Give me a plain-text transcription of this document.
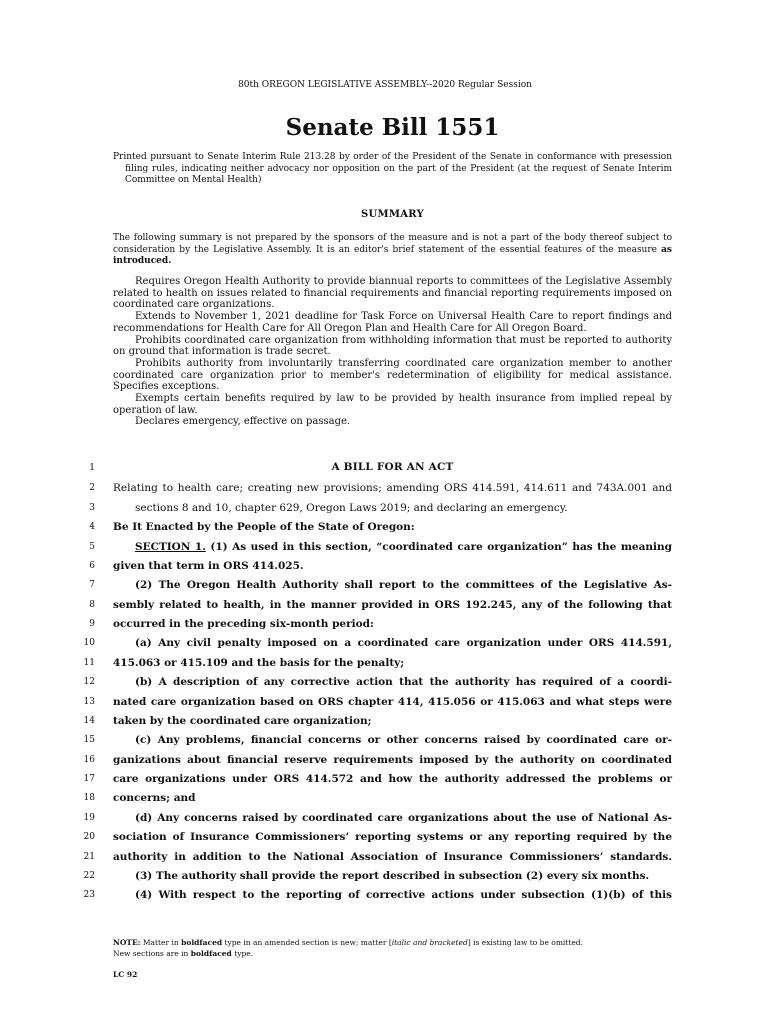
80th OREGON LEGISLATIVE ASSEMBLY--2020 Regular Session
Senate Bill 1551

Printed pursuant to Senate Interim Rule 213.28 by order of the President of the Senate in conformance with presession filing rules, indicating neither advocacy nor opposition on the part of the President (at the request of Senate Interim Committee on Mental Health)

SUMMARY

The following summary is not prepared by the sponsors of the measure and is not a part of the body thereof subject to consideration by the Legislative Assembly. It is an editor's brief statement of the essential features of the measure as introduced.

Requires Oregon Health Authority to provide biannual reports to committees of the Legislative Assembly related to health on issues related to financial requirements and financial reporting requirements imposed on coordinated care organizations.

Extends to November 1, 2021 deadline for Task Force on Universal Health Care to report findings and recommendations for Health Care for All Oregon Plan and Health Care for All Oregon Board.

Prohibits coordinated care organization from withholding information that must be reported to authority on ground that information is trade secret.

Prohibits authority from involuntarily transferring coordinated care organization member to another coordinated care organization prior to member's redetermination of eligibility for medical assistance. Specifies exceptions.

Exempts certain benefits required by law to be provided by health insurance from implied repeal by operation of law.

Declares emergency, effective on passage.

1	A BILL FOR AN ACT
2 Relating to health care; creating new provisions; amending ORS 414.591, 414.611 and 743A.001 and
3	sections 8 and 10, chapter 629, Oregon Laws 2019; and declaring an emergency.
4 Be It Enacted by the People of the State of Oregon:
5	SECTION 1. (1) As used in this section, “coordinated care organization” has the meaning
6 given that term in ORS 414.025.
7	(2) The Oregon Health Authority shall report to the committees of the Legislative As-
8 sembly related to health, in the manner provided in ORS 192.245, any of the following that
9 occurred in the preceding six-month period:
10	(a) Any civil penalty imposed on a coordinated care organization under ORS 414.591,
11 415.063 or 415.109 and the basis for the penalty;
12	(b) A description of any corrective action that the authority has required of a coordi-
13 nated care organization based on ORS chapter 414, 415.056 or 415.063 and what steps were
14 taken by the coordinated care organization;
15	(c) Any problems, financial concerns or other concerns raised by coordinated care or-
16 ganizations about financial reserve requirements imposed by the authority on coordinated
17 care organizations under ORS 414.572 and how the authority addressed the problems or
18 concerns; and
19	(d) Any concerns raised by coordinated care organizations about the use of National As-
20 sociation of Insurance Commissioners’ reporting systems or any reporting required by the
21 authority in addition to the National Association of Insurance Commissioners’ standards.
22	(3) The authority shall provide the report described in subsection (2) every six months.
23	(4) With respect to the reporting of corrective actions under subsection (1)(b) of this
NOTE: Matter in boldfaced type in an amended section is new; matter [italic and bracketed] is existing law to be omitted.
New sections are in boldfaced type.
LC 92
